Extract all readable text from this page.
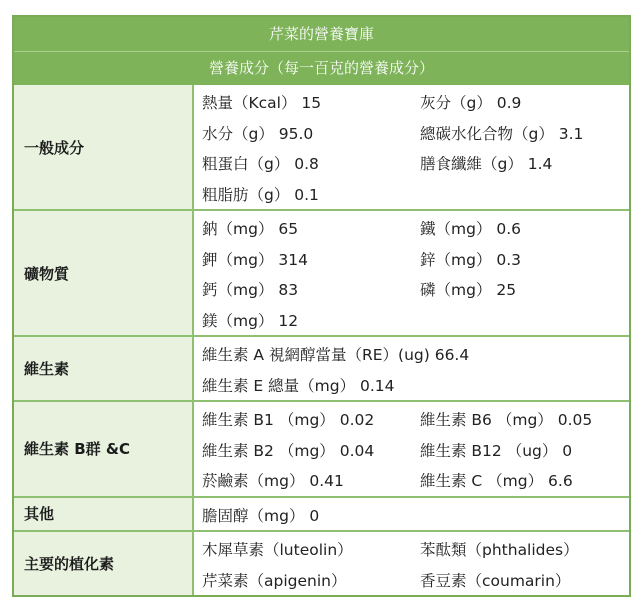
芹菜的營養寶庫
營養成分（每一百克的營養成分）
一般成分
熱量（Kcal） 15	灰分（g） 0.9
水分（g） 95.0	總碳水化合物（g） 3.1
粗蛋白（g） 0.8	膳食纖維（g） 1.4
粗脂肪（g） 0.1
礦物質
鈉（mg） 65	鐵（mg） 0.6
鉀（mg） 314	鋅（mg） 0.3
鈣（mg） 83	磷（mg） 25
鎂（mg） 12
維生素
維生素 A 視網醇當量（RE）(ug) 66.4
維生素 E 總量（mg） 0.14
維生素 B群 &C
維生素 B1 （mg） 0.02	維生素 B6 （mg） 0.05
維生素 B2 （mg） 0.04	維生素 B12 （ug） 0
菸鹼素（mg） 0.41	維生素 C （mg） 6.6
其他	膽固醇（mg） 0
主要的植化素
木犀草素（luteolin）	苯酞類（phthalides）
芹菜素（apigenin）	香豆素（coumarin）
